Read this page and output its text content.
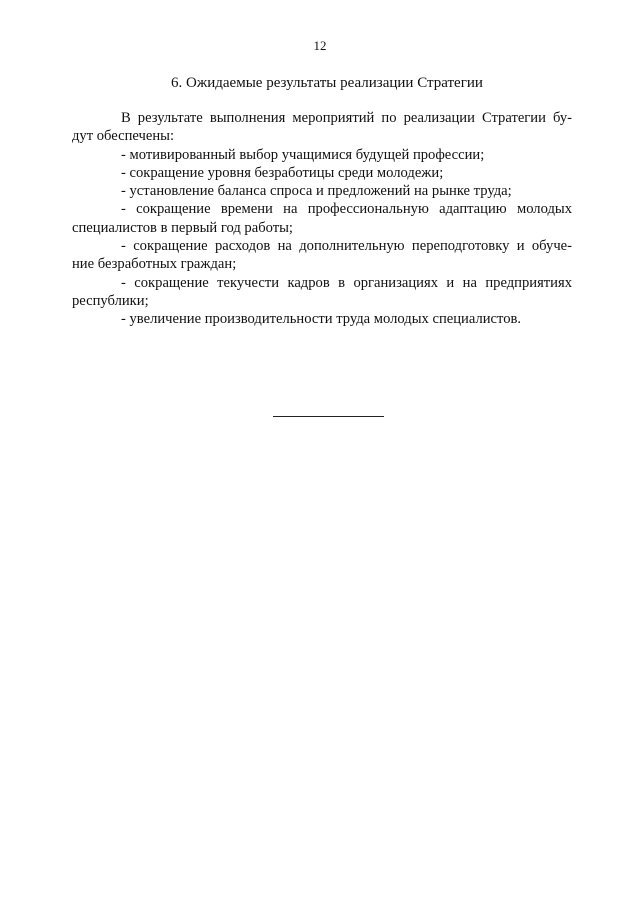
12
6. Ожидаемые результаты реализации Стратегии

В результате выполнения мероприятий по реализации Стратегии бу-
дут обеспечены:

- мотивированный выбор учащимися будущей профессии;

- сокращение уровня безработицы среди молодежи;

- установление баланса спроса и предложений на рынке труда;

- сокращение времени на профессиональную адаптацию молодых
специалистов в первый год работы;

- сокращение расходов на дополнительную переподготовку и обуче-
ние безработных граждан;

- сокращение текучести кадров в организациях и на предприятиях
республики;

- увеличение производительности труда молодых специалистов.
